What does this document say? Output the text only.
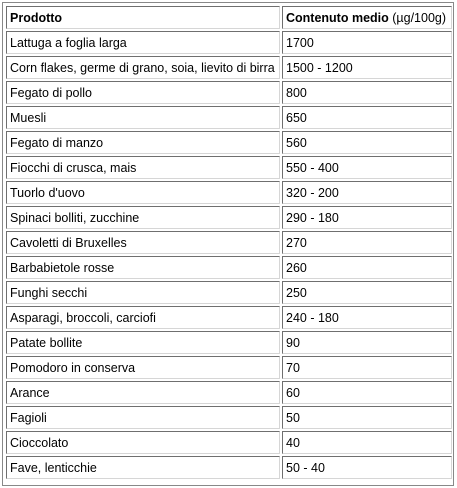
Prodotto	Contenuto medio (µg/100g)
Lattuga a foglia larga	1700
Corn flakes, germe di grano, soia, lievito di birra	1500 - 1200
Fegato di pollo	800
Muesli	650
Fegato di manzo	560
Fiocchi di crusca, mais	550 - 400
Tuorlo d'uovo	320 - 200
Spinaci bolliti, zucchine	290 - 180
Cavoletti di Bruxelles	270
Barbabietole rosse	260
Funghi secchi	250
Asparagi, broccoli, carciofi	240 - 180
Patate bollite	90
Pomodoro in conserva	70
Arance	60
Fagioli	50
Cioccolato	40
Fave, lenticchie	50 - 40
